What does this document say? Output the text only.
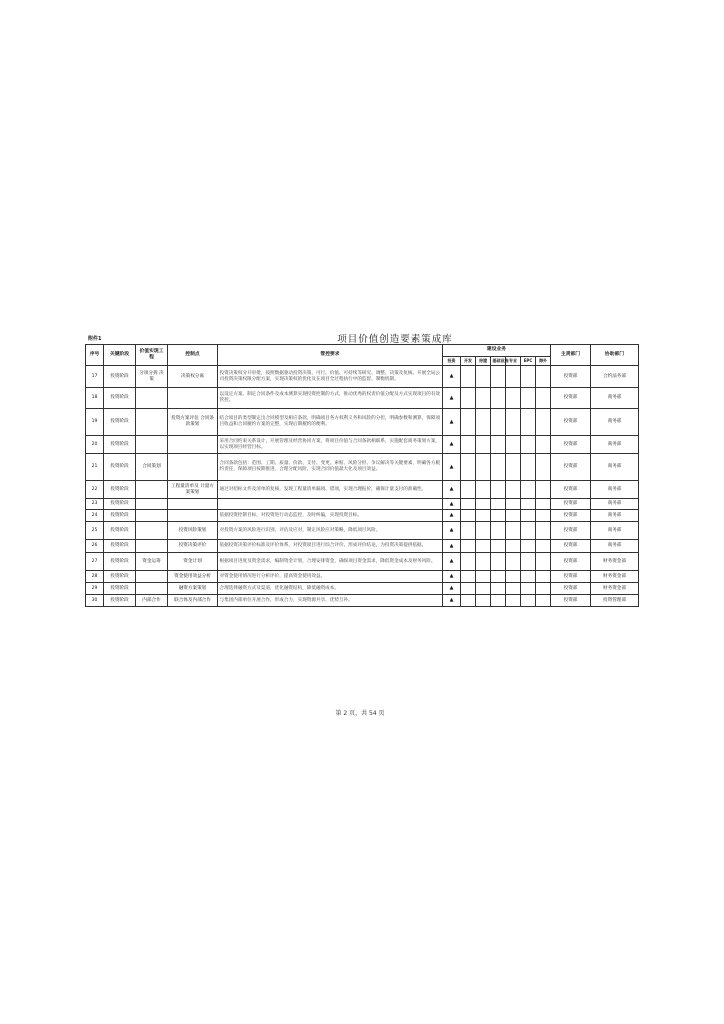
附件1	项目价值创造要素策成库
序号	关键阶段	价值实现工程	控制点	管控要求	建设业务							主责部门	协助部门
					投资	开发	房建	基础设施	专业	EPC	海外		
17	投资阶段	分项分拆 决策	决策权分离	投资决策权分开审批，按照数据驱动投资决策，可行、价值、可持续等研究、调整、决策及复核。开展全局公司投资决策权限分配方案，实现决策权的优化及在项目全过程执行中的监督、制衡机制。	▲							投资部	合约法务部
18	投资阶段			以设定方案、制定合同条件及成本测算实现投资控制的方式，推动优秀的权责价值分配及方式实现项目的有效管控。	▲							投资部	商务部
19	投资阶段		投资方案评估 合同条款策划	结合项目的类型制定出合同模型及相应条款，明确项目各方权利义务和风险的分担，明确参数和测算，保障项目收益和合同履约方案的完整，实现后期履约的便利。	▲							投资部	商务部
20	投资阶段			采用合同约束关系设计，开展管理及经营协同方案，将项目价值与合同条款相联系，实施配套商务策划方案，以实现项目经营目标。	▲							投资部	商务部
21	投资阶段	合同策划		合同条款包括：范围、工期、质量、价款、支付、变更、索赔、风险分担、争议解决等关键要素，明确各方履约责任，保障项目按期推进，合理分配风险，实现合同价值最大化及项目效益。	▲							投资部	商务部
22	投资阶段		工程量清单及 计量方案策划	通过对招标文件及清单的复核，发现工程量清单漏项、错项，实现合理报价，确保计量支付的准确性。	▲							投资部	商务部
23	投资阶段				▲							投资部	商务部
24	投资阶段			依据投资控制目标，对投资进行动态监控，及时纠偏，实现投资目标。	▲							投资部	商务部
25	投资阶段		投资风险策划	对投资方案的风险进行识别、评估及应对，制定风险应对策略，降低项目风险。	▲							投资部	商务部
26	投资阶段		投资决策评价	依据投资决策评价标准及评价体系，对投资项目进行综合评价，形成评价结论，为投资决策提供依据。	▲							投资部	商务部
27	投资阶段	资金运筹	资金计划	根据项目进度及资金需求，编制资金计划，合理安排资金，确保项目资金需求，降低资金成本及财务风险。	▲							投资部	财务资金部
28	投资阶段		资金使用效益分析	对资金使用情况进行分析评价，提高资金使用效益。	▲							投资部	财务资金部
29	投资阶段		融资方案策划	合理选择融资方式及渠道，优化融资结构，降低融资成本。	▲							投资部	财务资金部
30	投资阶段	内部合作	联合体及内部合作	与集团内部单位开展合作，形成合力，实现资源共享、优势互补。	▲							投资部	投资管理部
第 2 页，共 54 页
